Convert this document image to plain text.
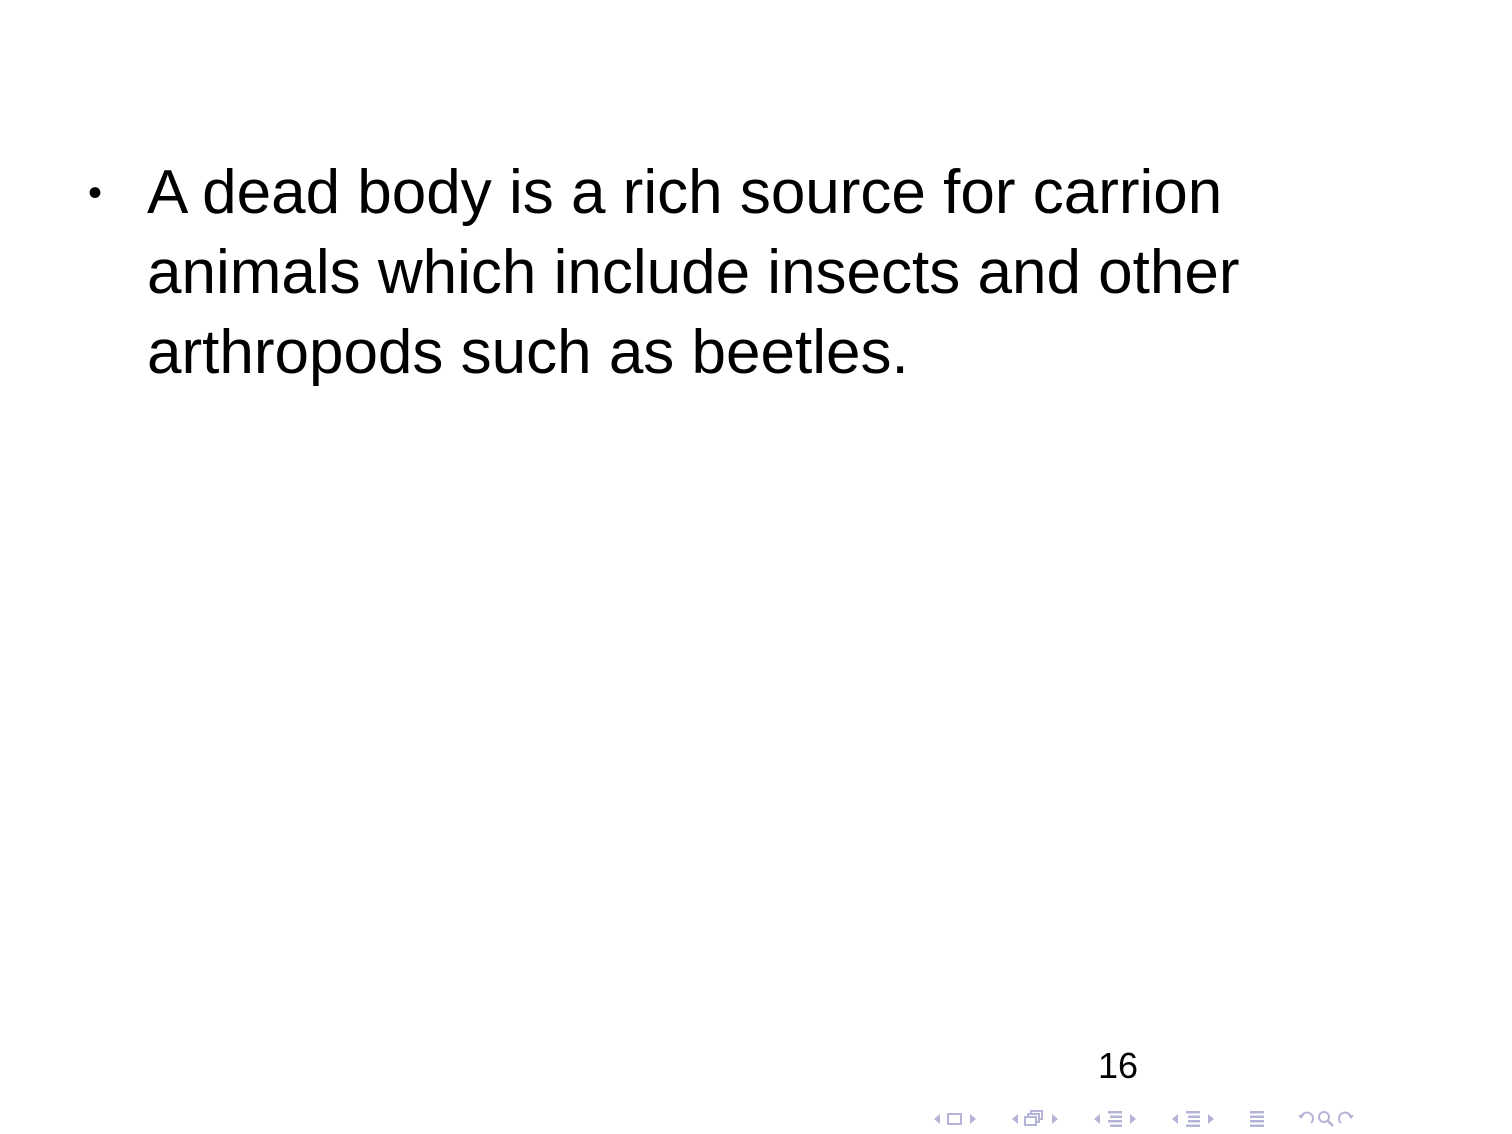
• A dead body is a rich source for carrion animals which include insects and other arthropods such as beetles.
16
